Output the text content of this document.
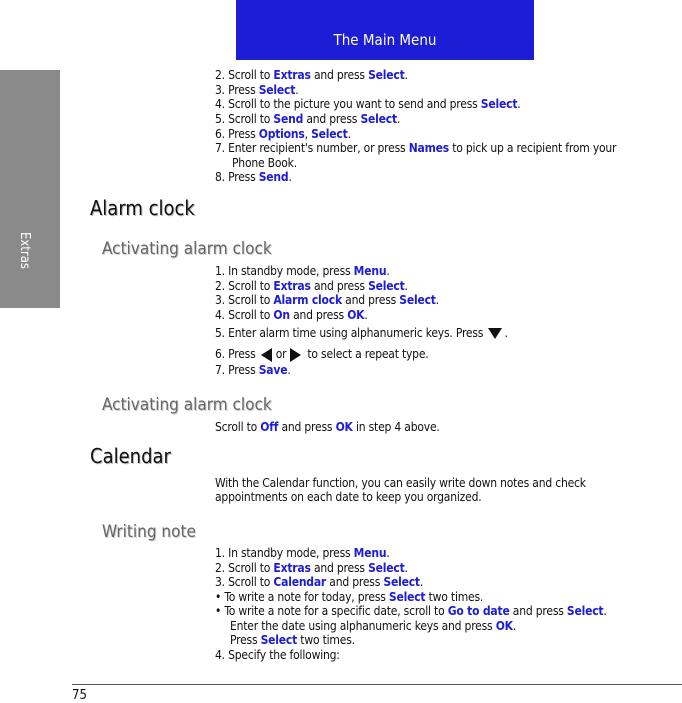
The Main Menu
Extras
2. Scroll to Extras and press Select.
3. Press Select.
4. Scroll to the picture you want to send and press Select.
5. Scroll to Send and press Select.
6. Press Options, Select.
7. Enter recipient's number, or press Names to pick up a recipient from your
Phone Book.
8. Press Send.
Alarm clock
Activating alarm clock
1. In standby mode, press Menu.
2. Scroll to Extras and press Select.
3. Scroll to Alarm clock and press Select.
4. Scroll to On and press OK.
5. Enter alarm time using alphanumeric keys. Press .
6. Press or to select a repeat type.
7. Press Save.
Activating alarm clock
Scroll to Off and press OK in step 4 above.
Calendar
With the Calendar function, you can easily write down notes and check
appointments on each date to keep you organized.
Writing note
1. In standby mode, press Menu.
2. Scroll to Extras and press Select.
3. Scroll to Calendar and press Select.
• To write a note for today, press Select two times.
• To write a note for a specific date, scroll to Go to date and press Select.
Enter the date using alphanumeric keys and press OK.
Press Select two times.
4. Specify the following:
75
